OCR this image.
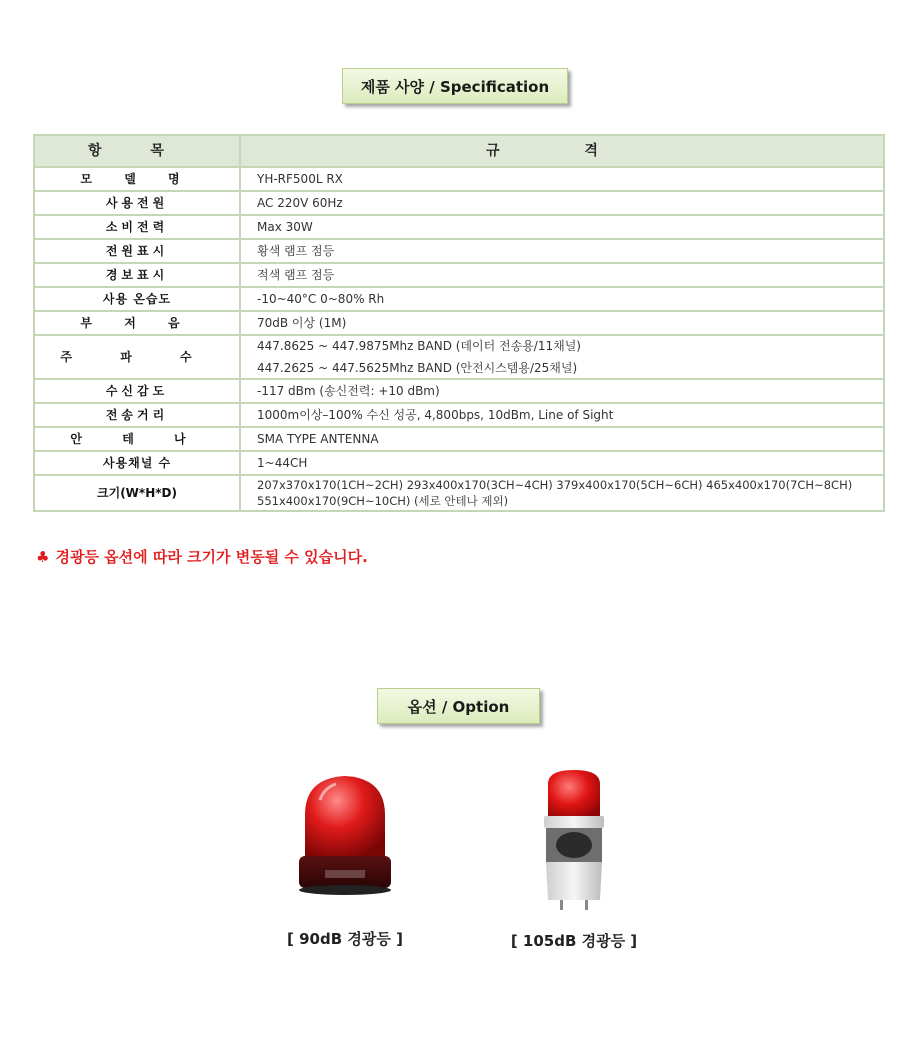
제품 사양 / Specification
항 목	규 격
모 델 명	YH-RF500L RX
사용전원	AC 220V 60Hz
소비전력	Max 30W
전원표시	황색 램프 점등
경보표시	적색 램프 점등
사용 온습도	-10~40°C 0~80% Rh
부 저 음	70dB 이상 (1M)
주 파 수	447.8625 ~ 447.9875Mhz BAND (데이터 전송용/11채널)
447.2625 ~ 447.5625Mhz BAND (안전시스템용/25채널)

수신감도	-117 dBm (송신전력: +10 dBm)
전송거리	1000m이상–100% 수신 성공, 4,800bps, 10dBm, Line of Sight
안 테 나	SMA TYPE ANTENNA
사용채널 수	1~44CH
크기(W*H*D)	207x370x170(1CH~2CH) 293x400x170(3CH~4CH) 379x400x170(5CH~6CH) 465x400x170(7CH~8CH)
551x400x170(9CH~10CH) (세로 안테나 제외)
♣ 경광등 옵션에 따라 크기가 변동될 수 있습니다.
옵션 / Option
[ 90dB 경광등 ]	[ 105dB 경광등 ]
